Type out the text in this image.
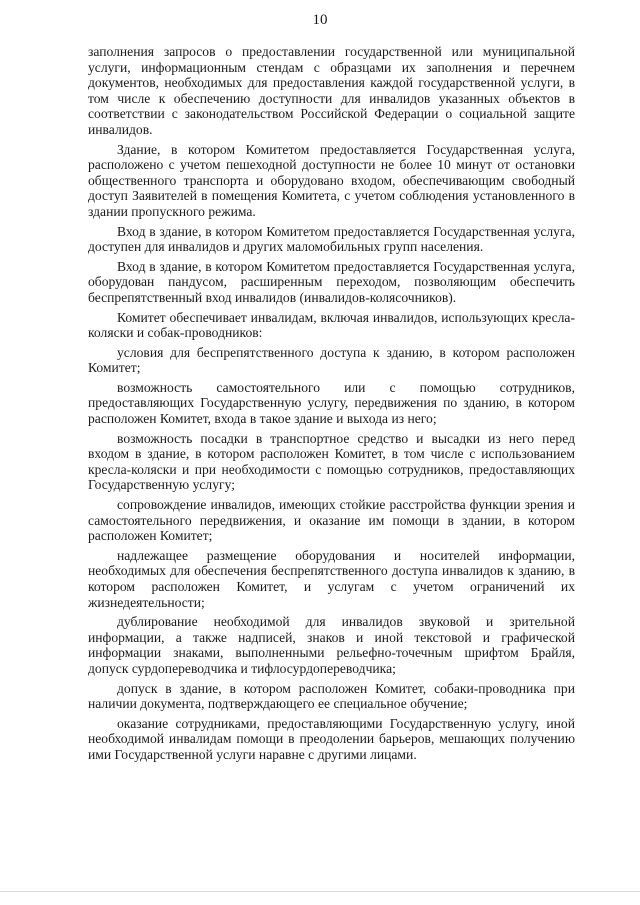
10

заполнения запросов о предоставлении государственной или муниципальной услуги, информационным стендам с образцами их заполнения и перечнем документов, необходимых для предоставления каждой государственной услуги, в том числе к обеспечению доступности для инвалидов указанных объектов в соответствии с законодательством Российской Федерации о социальной защите инвалидов.

Здание, в котором Комитетом предоставляется Государственная услуга, расположено с учетом пешеходной доступности не более 10 минут от остановки общественного транспорта и оборудовано входом, обеспечивающим свободный доступ Заявителей в помещения Комитета, с учетом соблюдения установленного в здании пропускного режима.

Вход в здание, в котором Комитетом предоставляется Государственная услуга, доступен для инвалидов и других маломобильных групп населения.

Вход в здание, в котором Комитетом предоставляется Государственная услуга, оборудован пандусом, расширенным переходом, позволяющим обеспечить беспрепятственный вход инвалидов (инвалидов-колясочников).

Комитет обеспечивает инвалидам, включая инвалидов, использующих кресла-коляски и собак-проводников:

условия для беспрепятственного доступа к зданию, в котором расположен Комитет;

возможность самостоятельного или с помощью сотрудников, предоставляющих Государственную услугу, передвижения по зданию, в котором расположен Комитет, входа в такое здание и выхода из него;

возможность посадки в транспортное средство и высадки из него перед входом в здание, в котором расположен Комитет, в том числе с использованием кресла-коляски и при необходимости с помощью сотрудников, предоставляющих Государственную услугу;

сопровождение инвалидов, имеющих стойкие расстройства функции зрения и самостоятельного передвижения, и оказание им помощи в здании, в котором расположен Комитет;

надлежащее размещение оборудования и носителей информации, необходимых для обеспечения беспрепятственного доступа инвалидов к зданию, в котором расположен Комитет, и услугам с учетом ограничений их жизнедеятельности;

дублирование необходимой для инвалидов звуковой и зрительной информации, а также надписей, знаков и иной текстовой и графической информации знаками, выполненными рельефно-точечным шрифтом Брайля, допуск сурдопереводчика и тифлосурдопереводчика;

допуск в здание, в котором расположен Комитет, собаки-проводника при наличии документа, подтверждающего ее специальное обучение;

оказание сотрудниками, предоставляющими Государственную услугу, иной необходимой инвалидам помощи в преодолении барьеров, мешающих получению ими Государственной услуги наравне с другими лицами.
